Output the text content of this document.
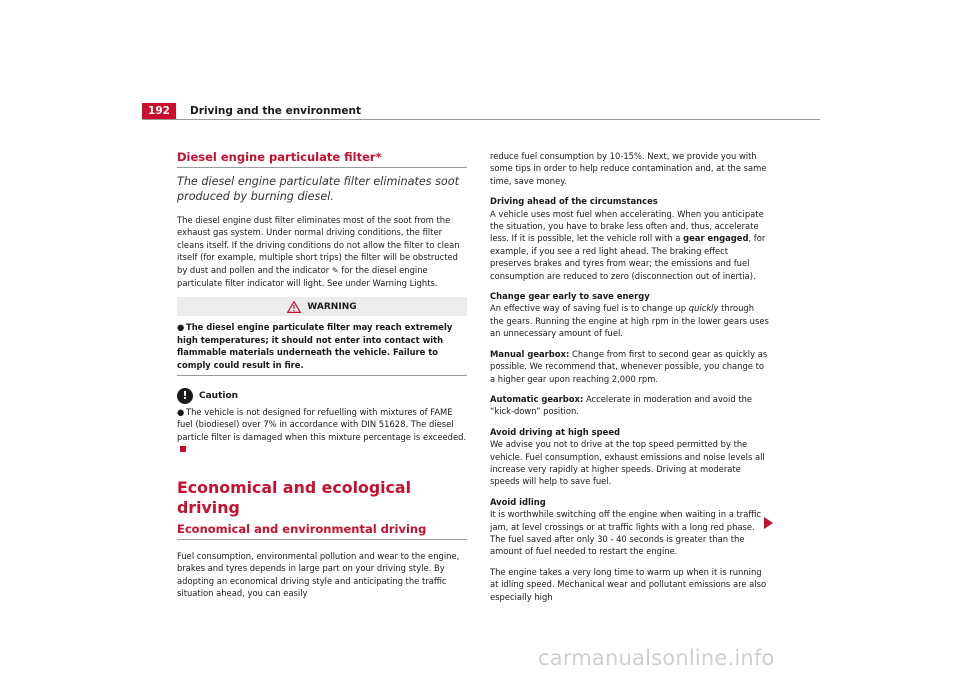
192	Driving and the environment
Diesel engine particulate filter*
The diesel engine particulate filter eliminates soot produced by burning diesel.

The diesel engine dust filter eliminates most of the soot from the exhaust gas system. Under normal driving conditions, the filter cleans itself. If the driving conditions do not allow the filter to clean itself (for example, multiple short trips) the filter will be obstructed by dust and pollen and the indicator ✎ for the diesel engine particulate filter indicator will light. See under Warning Lights.

WARNING
● The diesel engine particulate filter may reach extremely high temperatures; it should not enter into contact with flammable materials underneath the vehicle. Failure to comply could result in fire.
!	Caution

● The vehicle is not designed for refuelling with mixtures of FAME fuel (biodiesel) over 7% in accordance with DIN 51628. The diesel particle filter is damaged when this mixture percentage is exceeded.

Economical and ecological driving
Economical and environmental driving

Fuel consumption, environmental pollution and wear to the engine, brakes and tyres depends in large part on your driving style. By adopting an economical driving style and anticipating the traffic situation ahead, you can easily

reduce fuel consumption by 10-15%. Next, we provide you with some tips in order to help reduce contamination and, at the same time, save money.

Driving ahead of the circumstances

A vehicle uses most fuel when accelerating. When you anticipate the situation, you have to brake less often and, thus, accelerate less. If it is possible, let the vehicle roll with a gear engaged, for example, if you see a red light ahead. The braking effect preserves brakes and tyres from wear; the emissions and fuel consumption are reduced to zero (disconnection out of inertia).

Change gear early to save energy

An effective way of saving fuel is to change up quickly through the gears. Running the engine at high rpm in the lower gears uses an unnecessary amount of fuel.

Manual gearbox: Change from first to second gear as quickly as possible. We recommend that, whenever possible, you change to a higher gear upon reaching 2,000 rpm.

Automatic gearbox: Accelerate in moderation and avoid the “kick-down” position.

Avoid driving at high speed

We advise you not to drive at the top speed permitted by the vehicle. Fuel consumption, exhaust emissions and noise levels all increase very rapidly at higher speeds. Driving at moderate speeds will help to save fuel.

Avoid idling

It is worthwhile switching off the engine when waiting in a traffic jam, at level crossings or at traffic lights with a long red phase. The fuel saved after only 30 - 40 seconds is greater than the amount of fuel needed to restart the engine.

The engine takes a very long time to warm up when it is running at idling speed. Mechanical wear and pollutant emissions are also especially high

carmanualsonline.info
